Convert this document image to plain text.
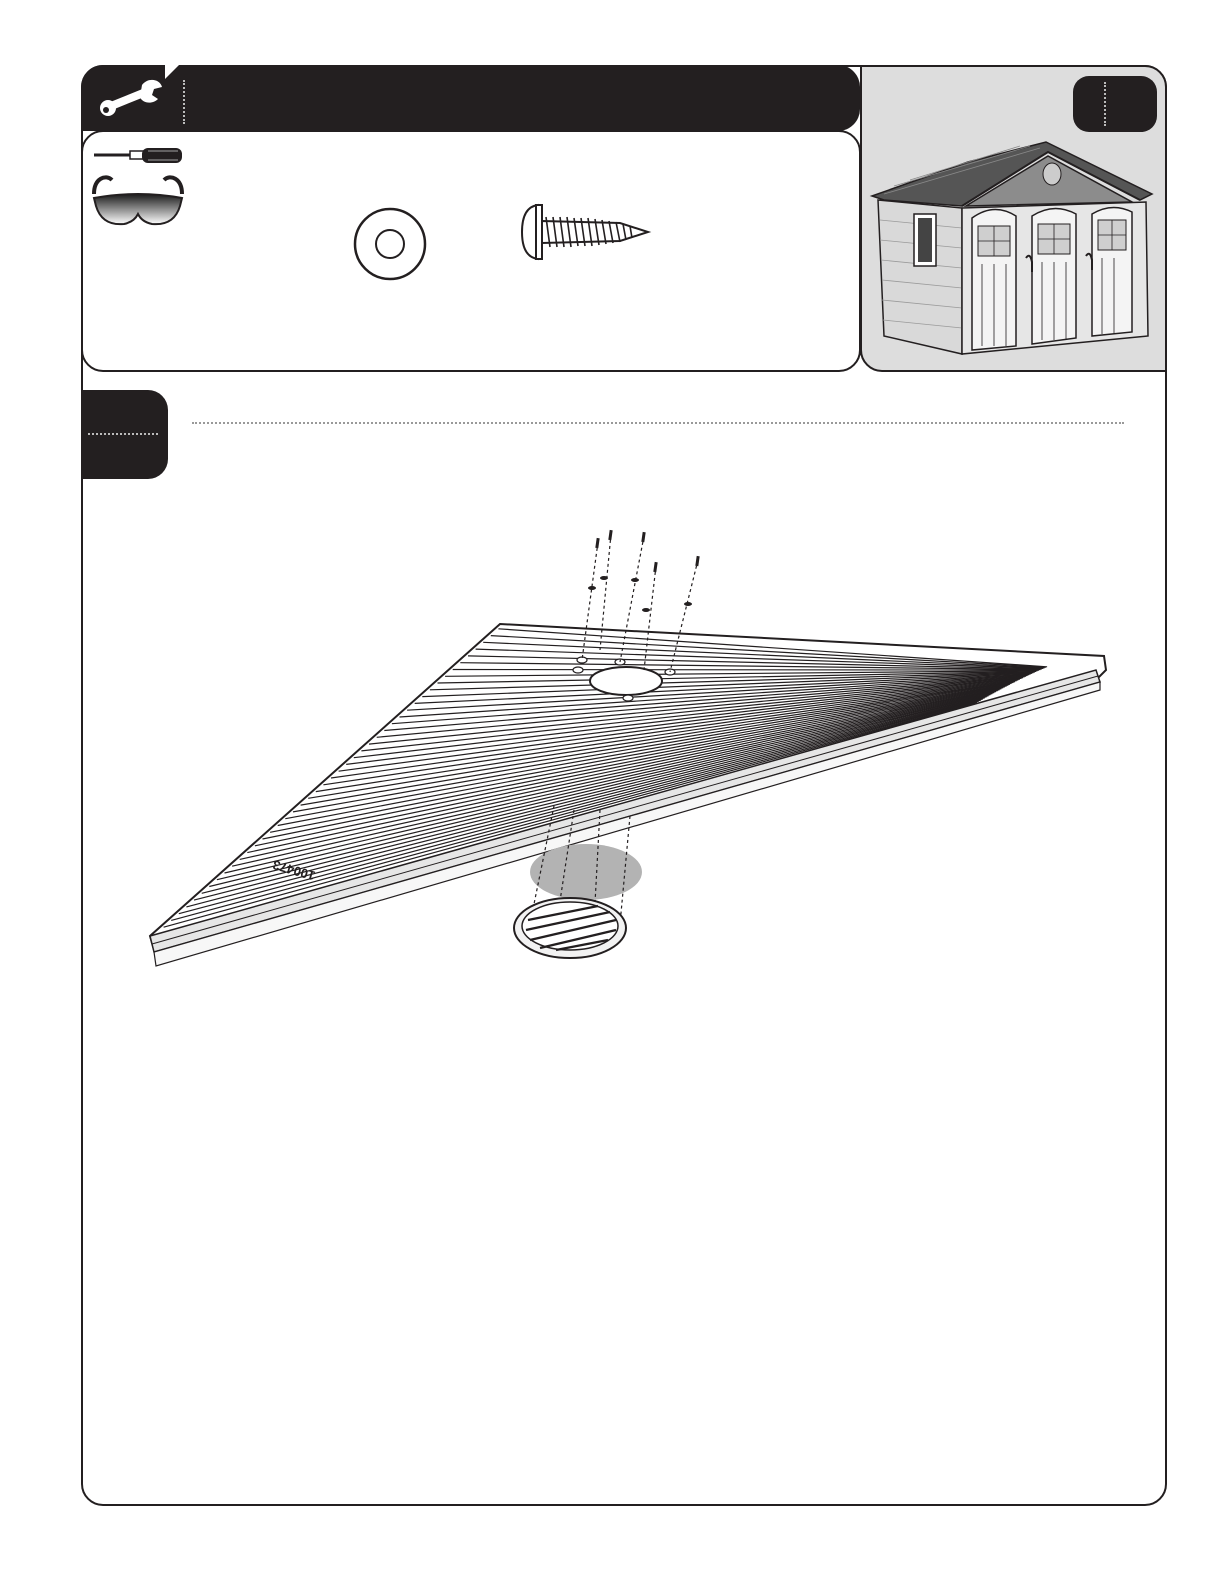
100473
